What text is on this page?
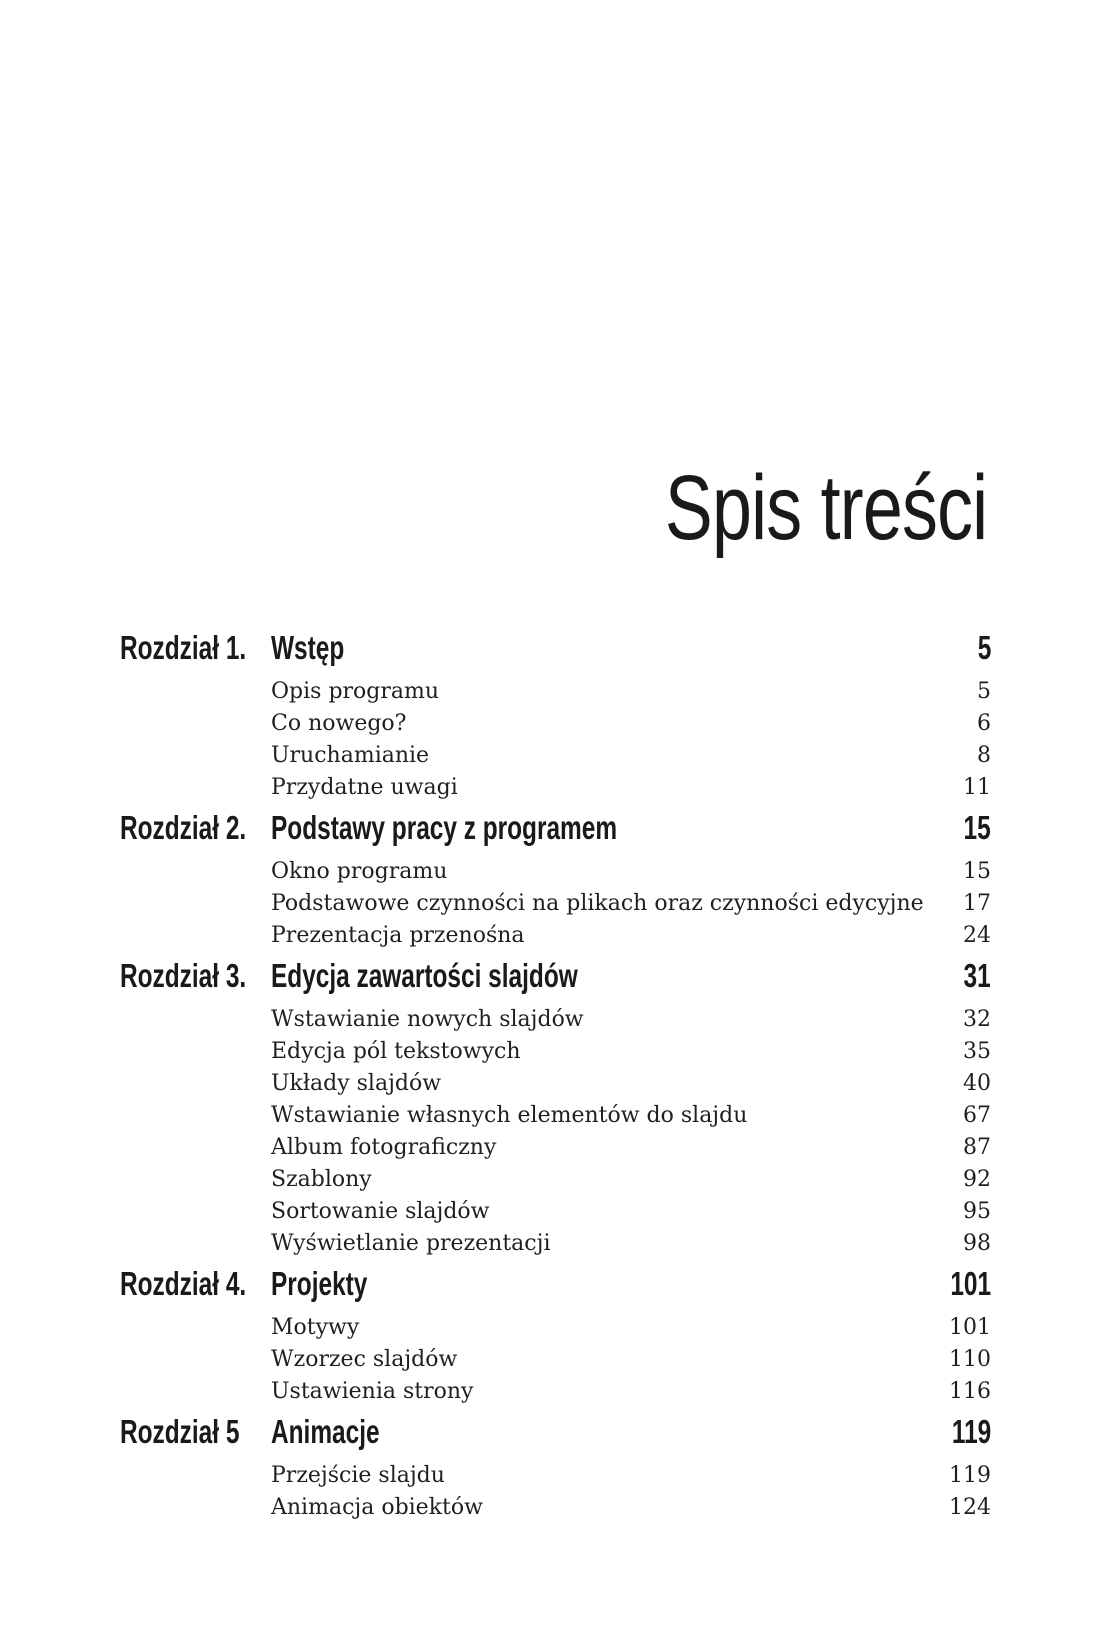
Spis treści
Rozdział 1. Wstęp	5
Opis programu	5
Co nowego?	6
Uruchamianie	8
Przydatne uwagi	11
Rozdział 2. Podstawy pracy z programem	15
Okno programu	15
Podstawowe czynności na plikach oraz czynności edycyjne 17
Prezentacja przenośna	24
Rozdział 3. Edycja zawartości slajdów	31
Wstawianie nowych slajdów	32
Edycja pól tekstowych	35
Układy slajdów	40
Wstawianie własnych elementów do slajdu	67
Album fotograficzny	87
Szablony	92
Sortowanie slajdów	95
Wyświetlanie prezentacji	98
Rozdział 4. Projekty	101
Motywy	101
Wzorzec slajdów	110
Ustawienia strony	116
Rozdział 5 Animacje	119
Przejście slajdu	119
Animacja obiektów	124
